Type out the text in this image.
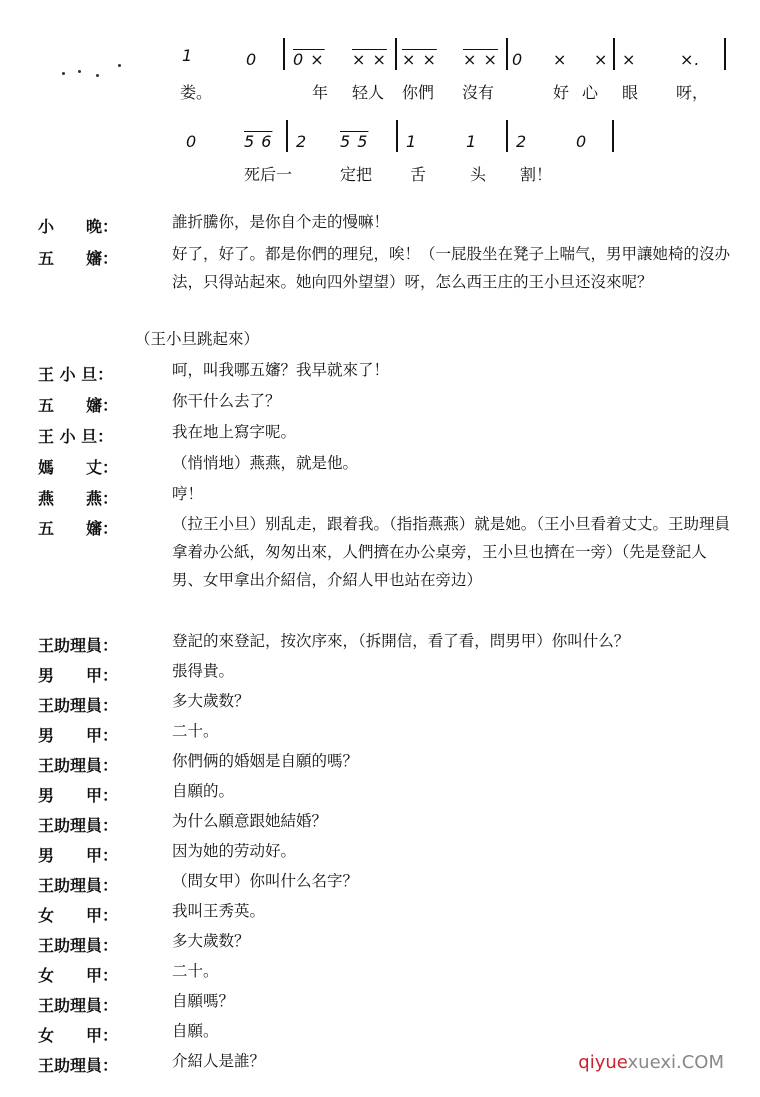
1	0 0 × × × × × × × 0 × × ×	×.
娄。	年 轻人 你們 沒有	好 心 眼 呀，
0	5 6 2 5 5 1	1 2	0
死后一	定把 舌	头 割！
小　　晚：	誰折騰你，是你自个走的慢嘛！
五　　嬸：	好了，好了。都是你們的理兒，唉！（一屁股坐在凳子上喘气，男甲讓她椅的沒办法，只得站起來。她向四外望望）呀，怎么西王庄的王小旦还沒來呢？
（王小旦跳起來）
王 小 旦：	呵，叫我哪五嬸？我早就來了！
五　　嬸：	你干什么去了？
王 小 旦：	我在地上寫字呢。
媽　　丈：	（悄悄地）燕燕，就是他。
燕　　燕：	哼！
五　　嬸：	（拉王小旦）别乱走，跟着我。（指指燕燕）就是她。（王小旦看着丈丈。王助理員拿着办公紙，匆匆出來，人們擠在办公桌旁，王小旦也擠在一旁）（先是登記人男、女甲拿出介紹信，介紹人甲也站在旁边）
王助理員：	登記的來登記，按次序來，（拆開信，看了看，問男甲）你叫什么？
男　　甲：	張得貴。
王助理員：	多大歲数？
男　　甲：	二十。
王助理員：	你們俩的婚姻是自願的嗎？
男　　甲：	自願的。
王助理員：	为什么願意跟她結婚？
男　　甲：	因为她的劳动好。
王助理員：	（問女甲）你叫什么名字？
女　　甲：	我叫王秀英。
王助理員：	多大歲数？
女　　甲：	二十。
王助理員：	自願嗎？
女　　甲：	自願。
王助理員：	介紹人是誰？	qiyuexuexi.COM
